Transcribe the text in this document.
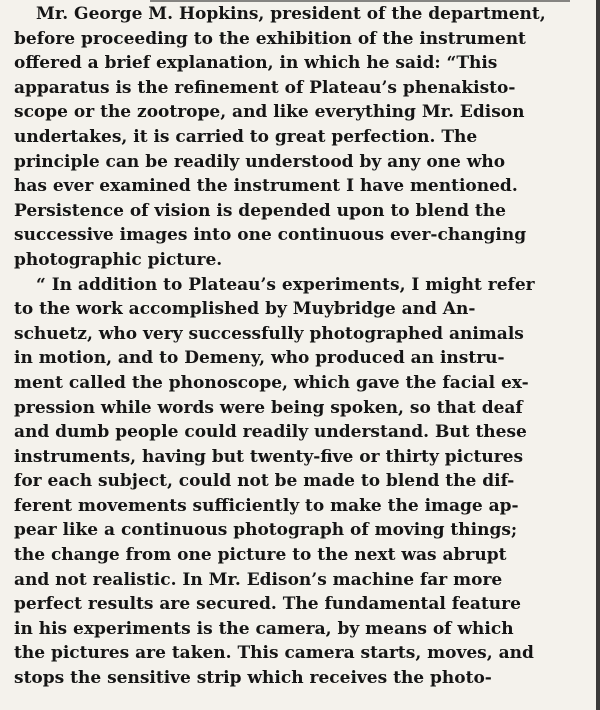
Mr. George M. Hopkins, president of the department,
before proceeding to the exhibition of the instrument
offered a brief explanation, in which he said: “This
apparatus is the refinement of Plateau’s phenakisto-
scope or the zootrope, and like everything Mr. Edison
undertakes, it is carried to great perfection. The
principle can be readily understood by any one who
has ever examined the instrument I have mentioned.
Persistence of vision is depended upon to blend the
successive images into one continuous ever-changing
photographic picture.
“ In addition to Plateau’s experiments, I might refer
to the work accomplished by Muybridge and An-
schuetz, who very successfully photographed animals
in motion, and to Demeny, who produced an instru-
ment called the phonoscope, which gave the facial ex-
pression while words were being spoken, so that deaf
and dumb people could readily understand. But these
instruments, having but twenty-five or thirty pictures
for each subject, could not be made to blend the dif-
ferent movements sufficiently to make the image ap-
pear like a continuous photograph of moving things;
the change from one picture to the next was abrupt
and not realistic. In Mr. Edison’s machine far more
perfect results are secured. The fundamental feature
in his experiments is the camera, by means of which
the pictures are taken. This camera starts, moves, and
stops the sensitive strip which receives the photo-
